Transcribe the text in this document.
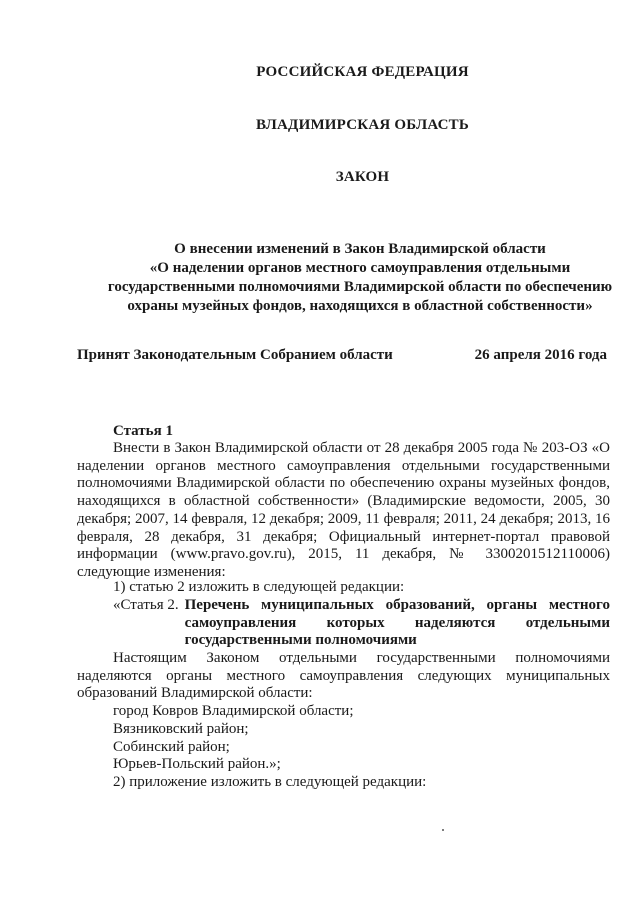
РОССИЙСКАЯ ФЕДЕРАЦИЯ
ВЛАДИМИРСКАЯ ОБЛАСТЬ
ЗАКОН
О внесении изменений в Закон Владимирской области
«О наделении органов местного самоуправления отдельными
государственными полномочиями Владимирской области по обеспечению
охраны музейных фондов, находящихся в областной собственности»
Принят Законодательным Собранием области	26 апреля 2016 года
Статья 1
Внести в Закон Владимирской области от 28 декабря 2005 года № 203-ОЗ «О наделении органов местного самоуправления отдельными государственными полномочиями Владимирской области по обеспечению охраны музейных фондов, находящихся в областной собственности» (Владимирские ведомости, 2005, 30 декабря; 2007, 14 февраля, 12 декабря; 2009, 11 февраля; 2011, 24 декабря; 2013, 16 февраля, 28 декабря, 31 декабря; Официальный интернет-портал правовой информации (www.pravo.gov.ru), 2015, 11 декабря, № 3300201512110006) следующие изменения:
1) статью 2 изложить в следующей редакции:
«Статья 2. Перечень муниципальных образований, органы местного самоуправления которых наделяются отдельными государственными полномочиями
Настоящим Законом отдельными государственными полномочиями наделяются органы местного самоуправления следующих муниципальных образований Владимирской области:
город Ковров Владимирской области;
Вязниковский район;
Собинский район;
Юрьев-Польский район.»;
2) приложение изложить в следующей редакции:
